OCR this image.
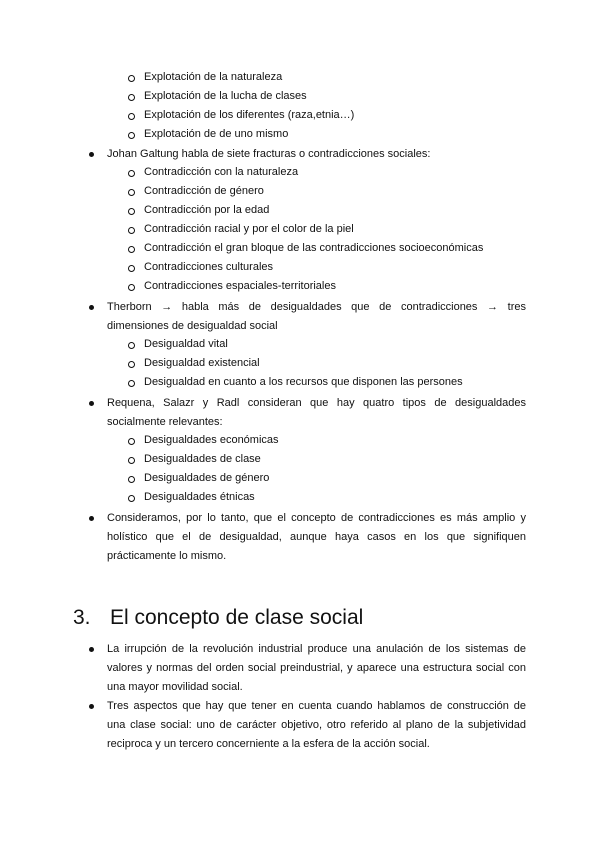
Explotación de la naturaleza
Explotación de la lucha de clases
Explotación de los diferentes (raza,etnia…)
Explotación de de uno mismo
Johan Galtung habla de siete fracturas o contradicciones sociales:
Contradicción con la naturaleza
Contradicción de género
Contradicción por la edad
Contradicción racial y por el color de la piel
Contradicción el gran bloque de las contradicciones socioeconómicas
Contradicciones culturales
Contradicciones espaciales-territoriales
Therborn → habla más de desigualdades que de contradicciones → tres
dimensiones de desigualdad social
Desigualdad vital
Desigualdad existencial
Desigualdad en cuanto a los recursos que disponen las persones
Requena, Salazr y Radl consideran que hay quatro tipos de desigualdades
socialmente relevantes:
Desigualdades económicas
Desigualdades de clase
Desigualdades de género
Desigualdades étnicas
Consideramos, por lo tanto, que el concepto de contradicciones es más amplio y
holístico que el de desigualdad, aunque haya casos en los que signifiquen
prácticamente lo mismo.
3. El concepto de clase social
La irrupción de la revolución industrial produce una anulación de los sistemas de
valores y normas del orden social preindustrial, y aparece una estructura social con
una mayor movilidad social.
Tres aspectos que hay que tener en cuenta cuando hablamos de construcción de
una clase social: uno de carácter objetivo, otro referido al plano de la subjetividad
reciproca y un tercero concerniente a la esfera de la acción social.
